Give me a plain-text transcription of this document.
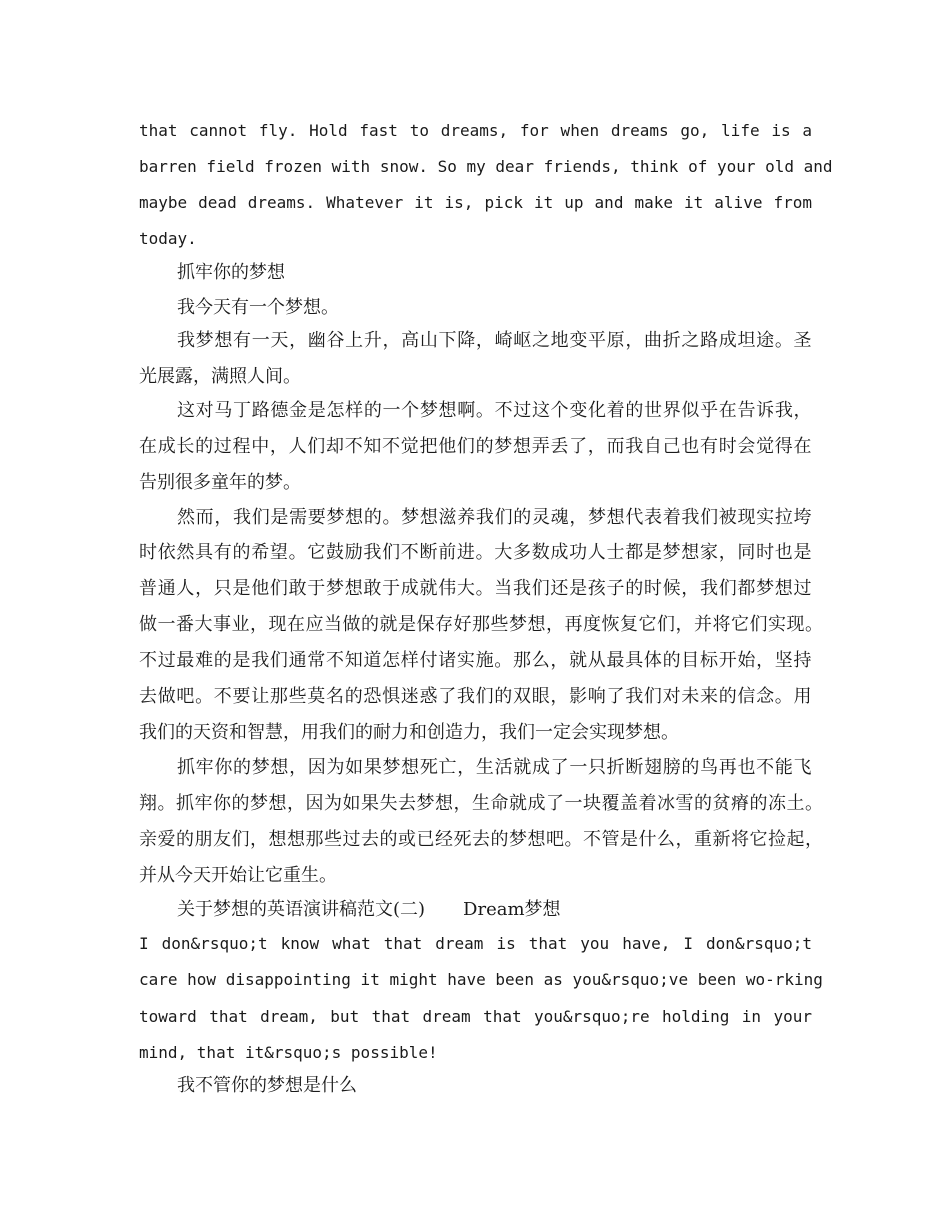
that cannot fly. Hold fast to dreams, for when dreams go, life is a
barren field frozen with snow. So my dear friends, think of your old and
maybe dead dreams. Whatever it is, pick it up and make it alive from
today.
抓牢你的梦想
我今天有一个梦想。
我梦想有一天，幽谷上升，高山下降，崎岖之地变平原，曲折之路成坦途。圣
光展露，满照人间。
这对马丁路德金是怎样的一个梦想啊。不过这个变化着的世界似乎在告诉我，
在成长的过程中，人们却不知不觉把他们的梦想弄丢了，而我自己也有时会觉得在
告别很多童年的梦。
然而，我们是需要梦想的。梦想滋养我们的灵魂，梦想代表着我们被现实拉垮
时依然具有的希望。它鼓励我们不断前进。大多数成功人士都是梦想家，同时也是
普通人，只是他们敢于梦想敢于成就伟大。当我们还是孩子的时候，我们都梦想过
做一番大事业，现在应当做的就是保存好那些梦想，再度恢复它们，并将它们实现。
不过最难的是我们通常不知道怎样付诸实施。那么，就从最具体的目标开始，坚持
去做吧。不要让那些莫名的恐惧迷惑了我们的双眼，影响了我们对未来的信念。用
我们的天资和智慧，用我们的耐力和创造力，我们一定会实现梦想。
抓牢你的梦想，因为如果梦想死亡，生活就成了一只折断翅膀的鸟再也不能飞
翔。抓牢你的梦想，因为如果失去梦想，生命就成了一块覆盖着冰雪的贫瘠的冻土。
亲爱的朋友们，想想那些过去的或已经死去的梦想吧。不管是什么，重新将它捡起，
并从今天开始让它重生。
关于梦想的英语演讲稿范文(二) Dream梦想
I don&rsquo;t know what that dream is that you have, I don&rsquo;t
care how disappointing it might have been as you&rsquo;ve been wo-rking
toward that dream, but that dream that you&rsquo;re holding in your
mind, that it&rsquo;s possible!
我不管你的梦想是什么
